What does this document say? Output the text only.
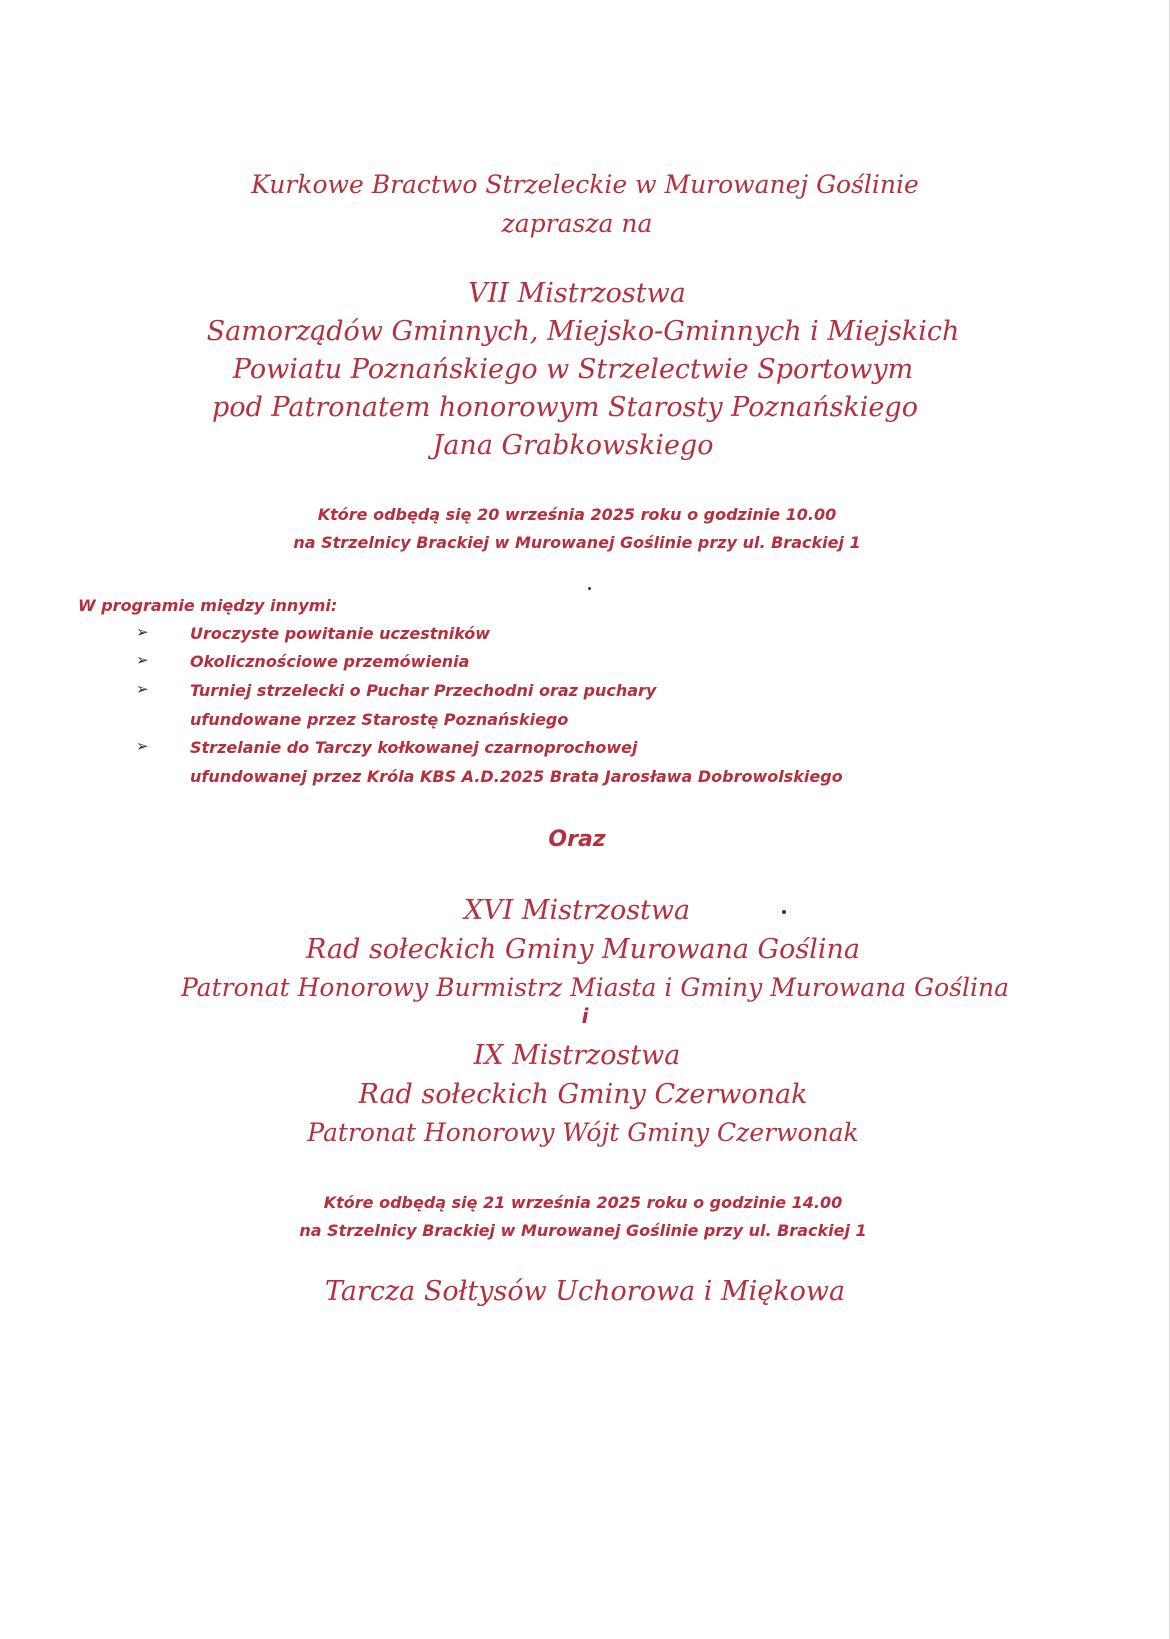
Kurkowe Bractwo Strzeleckie w Murowanej Goślinie
zaprasza na
VII Mistrzostwa
Samorządów Gminnych, Miejsko-Gminnych i Miejskich
Powiatu Poznańskiego w Strzelectwie Sportowym
pod Patronatem honorowym Starosty Poznańskiego
Jana Grabkowskiego
Które odbędą się 20 września 2025 roku o godzinie 10.00
na Strzelnicy Brackiej w Murowanej Goślinie przy ul. Brackiej 1
W programie między innymi:
➢	Uroczyste powitanie uczestników
➢	Okolicznościowe przemówienia
➢	Turniej strzelecki o Puchar Przechodni oraz puchary
ufundowane przez Starostę Poznańskiego
➢	Strzelanie do Tarczy kołkowanej czarnoprochowej
ufundowanej przez Króla KBS A.D.2025 Brata Jarosława Dobrowolskiego
Oraz
XVI Mistrzostwa
Rad sołeckich Gminy Murowana Goślina
Patronat Honorowy Burmistrz Miasta i Gminy Murowana Goślina
i
IX Mistrzostwa
Rad sołeckich Gminy Czerwonak
Patronat Honorowy Wójt Gminy Czerwonak
Które odbędą się 21 września 2025 roku o godzinie 14.00
na Strzelnicy Brackiej w Murowanej Goślinie przy ul. Brackiej 1
Tarcza Sołtysów Uchorowa i Miękowa
